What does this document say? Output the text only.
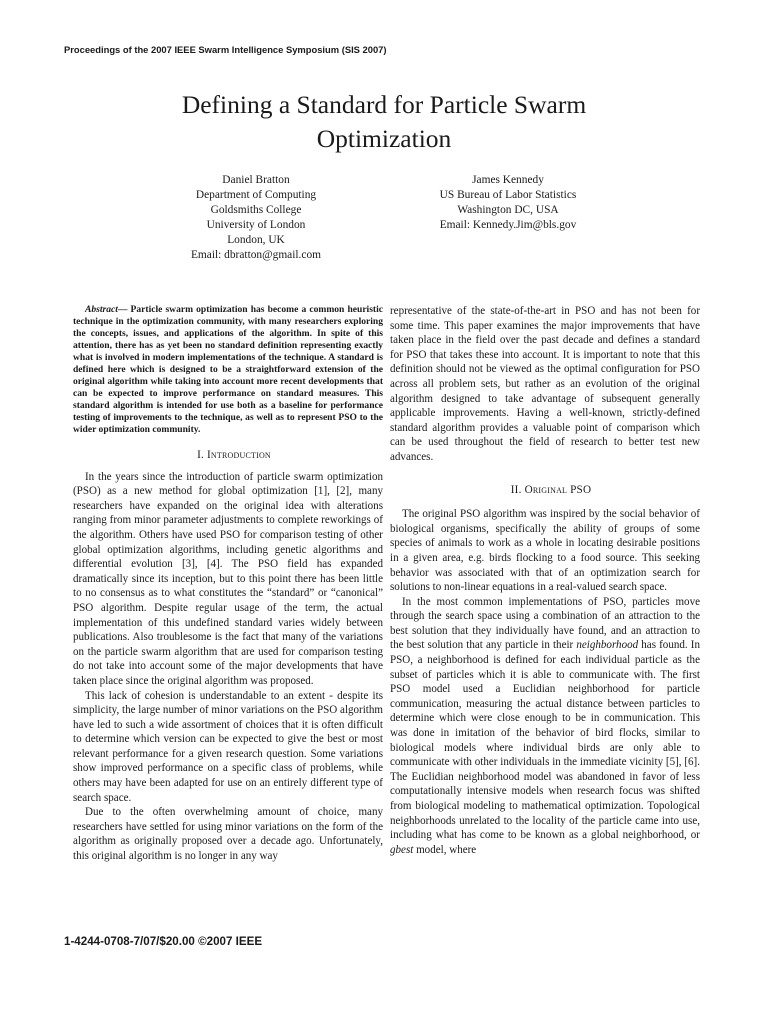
Proceedings of the 2007 IEEE Swarm Intelligence Symposium (SIS 2007)

Defining a Standard for Particle Swarm
Optimization
Daniel Bratton
Department of Computing
Goldsmiths College
University of London
London, UK
Email: dbratton@gmail.com
James Kennedy
US Bureau of Labor Statistics
Washington DC, USA
Email: Kennedy.Jim@bls.gov

Abstract— Particle swarm optimization has become a common heuristic technique in the optimization community, with many researchers exploring the concepts, issues, and applications of the algorithm. In spite of this attention, there has as yet been no standard definition representing exactly what is involved in modern implementations of the technique. A standard is defined here which is designed to be a straightforward extension of the original algorithm while taking into account more recent developments that can be expected to improve performance on standard measures. This standard algorithm is intended for use both as a baseline for performance testing of improvements to the technique, as well as to represent PSO to the wider optimization community.

I. Introduction

In the years since the introduction of particle swarm optimization (PSO) as a new method for global optimization [1], [2], many researchers have expanded on the original idea with alterations ranging from minor parameter adjustments to complete reworkings of the algorithm. Others have used PSO for comparison testing of other global optimization algorithms, including genetic algorithms and differential evolution [3], [4]. The PSO field has expanded dramatically since its inception, but to this point there has been little to no consensus as to what constitutes the “standard” or “canonical” PSO algorithm. Despite regular usage of the term, the actual implementation of this undefined standard varies widely between publications. Also troublesome is the fact that many of the variations on the particle swarm algorithm that are used for comparison testing do not take into account some of the major developments that have taken place since the original algorithm was proposed.

This lack of cohesion is understandable to an extent - despite its simplicity, the large number of minor variations on the PSO algorithm have led to such a wide assortment of choices that it is often difficult to determine which version can be expected to give the best or most relevant performance for a given research question. Some variations show improved performance on a specific class of problems, while others may have been adapted for use on an entirely different type of search space.

Due to the often overwhelming amount of choice, many researchers have settled for using minor variations on the form of the algorithm as originally proposed over a decade ago. Unfortunately, this original algorithm is no longer in any way

representative of the state-of-the-art in PSO and has not been for some time. This paper examines the major improvements that have taken place in the field over the past decade and defines a standard for PSO that takes these into account. It is important to note that this definition should not be viewed as the optimal configuration for PSO across all problem sets, but rather as an evolution of the original algorithm designed to take advantage of subsequent generally applicable improvements. Having a well-known, strictly-defined standard algorithm provides a valuable point of comparison which can be used throughout the field of research to better test new advances.

II. Original PSO

The original PSO algorithm was inspired by the social behavior of biological organisms, specifically the ability of groups of some species of animals to work as a whole in locating desirable positions in a given area, e.g. birds flocking to a food source. This seeking behavior was associated with that of an optimization search for solutions to non-linear equations in a real-valued search space.

In the most common implementations of PSO, particles move through the search space using a combination of an attraction to the best solution that they individually have found, and an attraction to the best solution that any particle in their neighborhood has found. In PSO, a neighborhood is defined for each individual particle as the subset of particles which it is able to communicate with. The first PSO model used a Euclidian neighborhood for particle communication, measuring the actual distance between particles to determine which were close enough to be in communication. This was done in imitation of the behavior of bird flocks, similar to biological models where individual birds are only able to communicate with other individuals in the immediate vicinity [5], [6]. The Euclidian neighborhood model was abandoned in favor of less computationally intensive models when research focus was shifted from biological modeling to mathematical optimization. Topological neighborhoods unrelated to the locality of the particle came into use, including what has come to be known as a global neighborhood, or gbest model, where

1-4244-0708-7/07/$20.00 ©2007 IEEE
